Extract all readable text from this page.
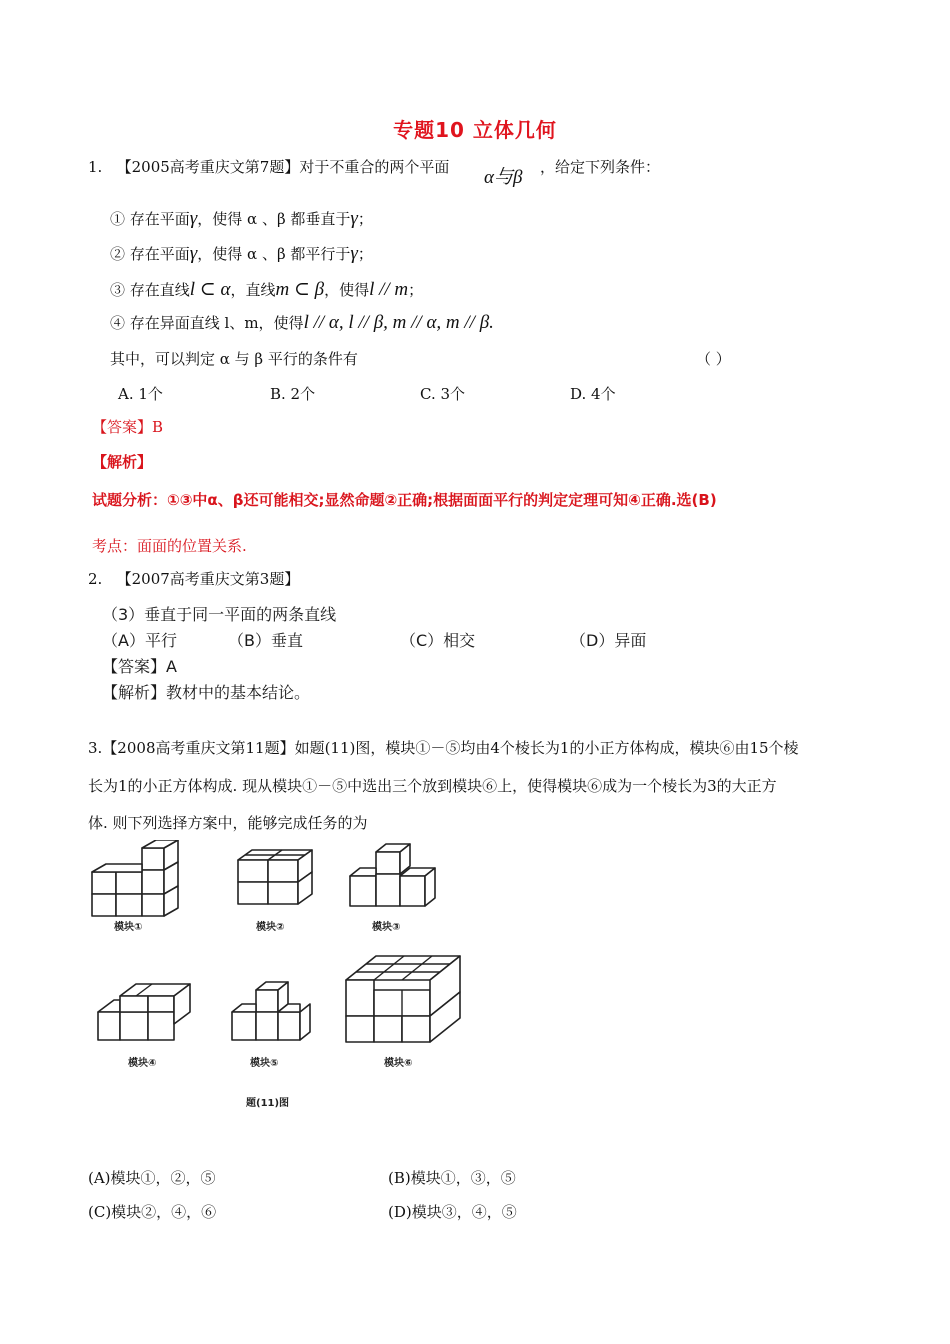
专题10 立体几何
1. 【2005高考重庆文第7题】对于不重合的两个平面 α与β ，给定下列条件：
① 存在平面γ，使得 α 、β 都垂直于γ；
② 存在平面γ，使得 α 、β 都平行于γ；
③ 存在直线l ⊂ α，直线m ⊂ β，使得l // m；
④ 存在异面直线 l、m，使得l // α, l // β, m // α, m // β.
其中，可以判定 α 与 β 平行的条件有	（ ）
A. 1个	B. 2个	C. 3个	D. 4个
【答案】B
【解析】
试题分析：①③中α、β还可能相交;显然命题②正确;根据面面平行的判定定理可知④正确.选(B)
考点：面面的位置关系.
2. 【2007高考重庆文第3题】
（3）垂直于同一平面的两条直线
（A）平行	（B）垂直	（C）相交	（D）异面
【答案】A
【解析】教材中的基本结论。
3.【2008高考重庆文第11题】如题(11)图，模块①－⑤均由4个棱长为1的小正方体构成，模块⑥由15个棱
长为1的小正方体构成. 现从模块①－⑤中选出三个放到模块⑥上，使得模块⑥成为一个棱长为3的大正方
体. 则下列选择方案中，能够完成任务的为
模块①	模块②	模块③
模块④	模块⑤	模块⑥
题(11)图
(A)模块①，②，⑤	(B)模块①，③，⑤
(C)模块②，④，⑥	(D)模块③，④，⑤
